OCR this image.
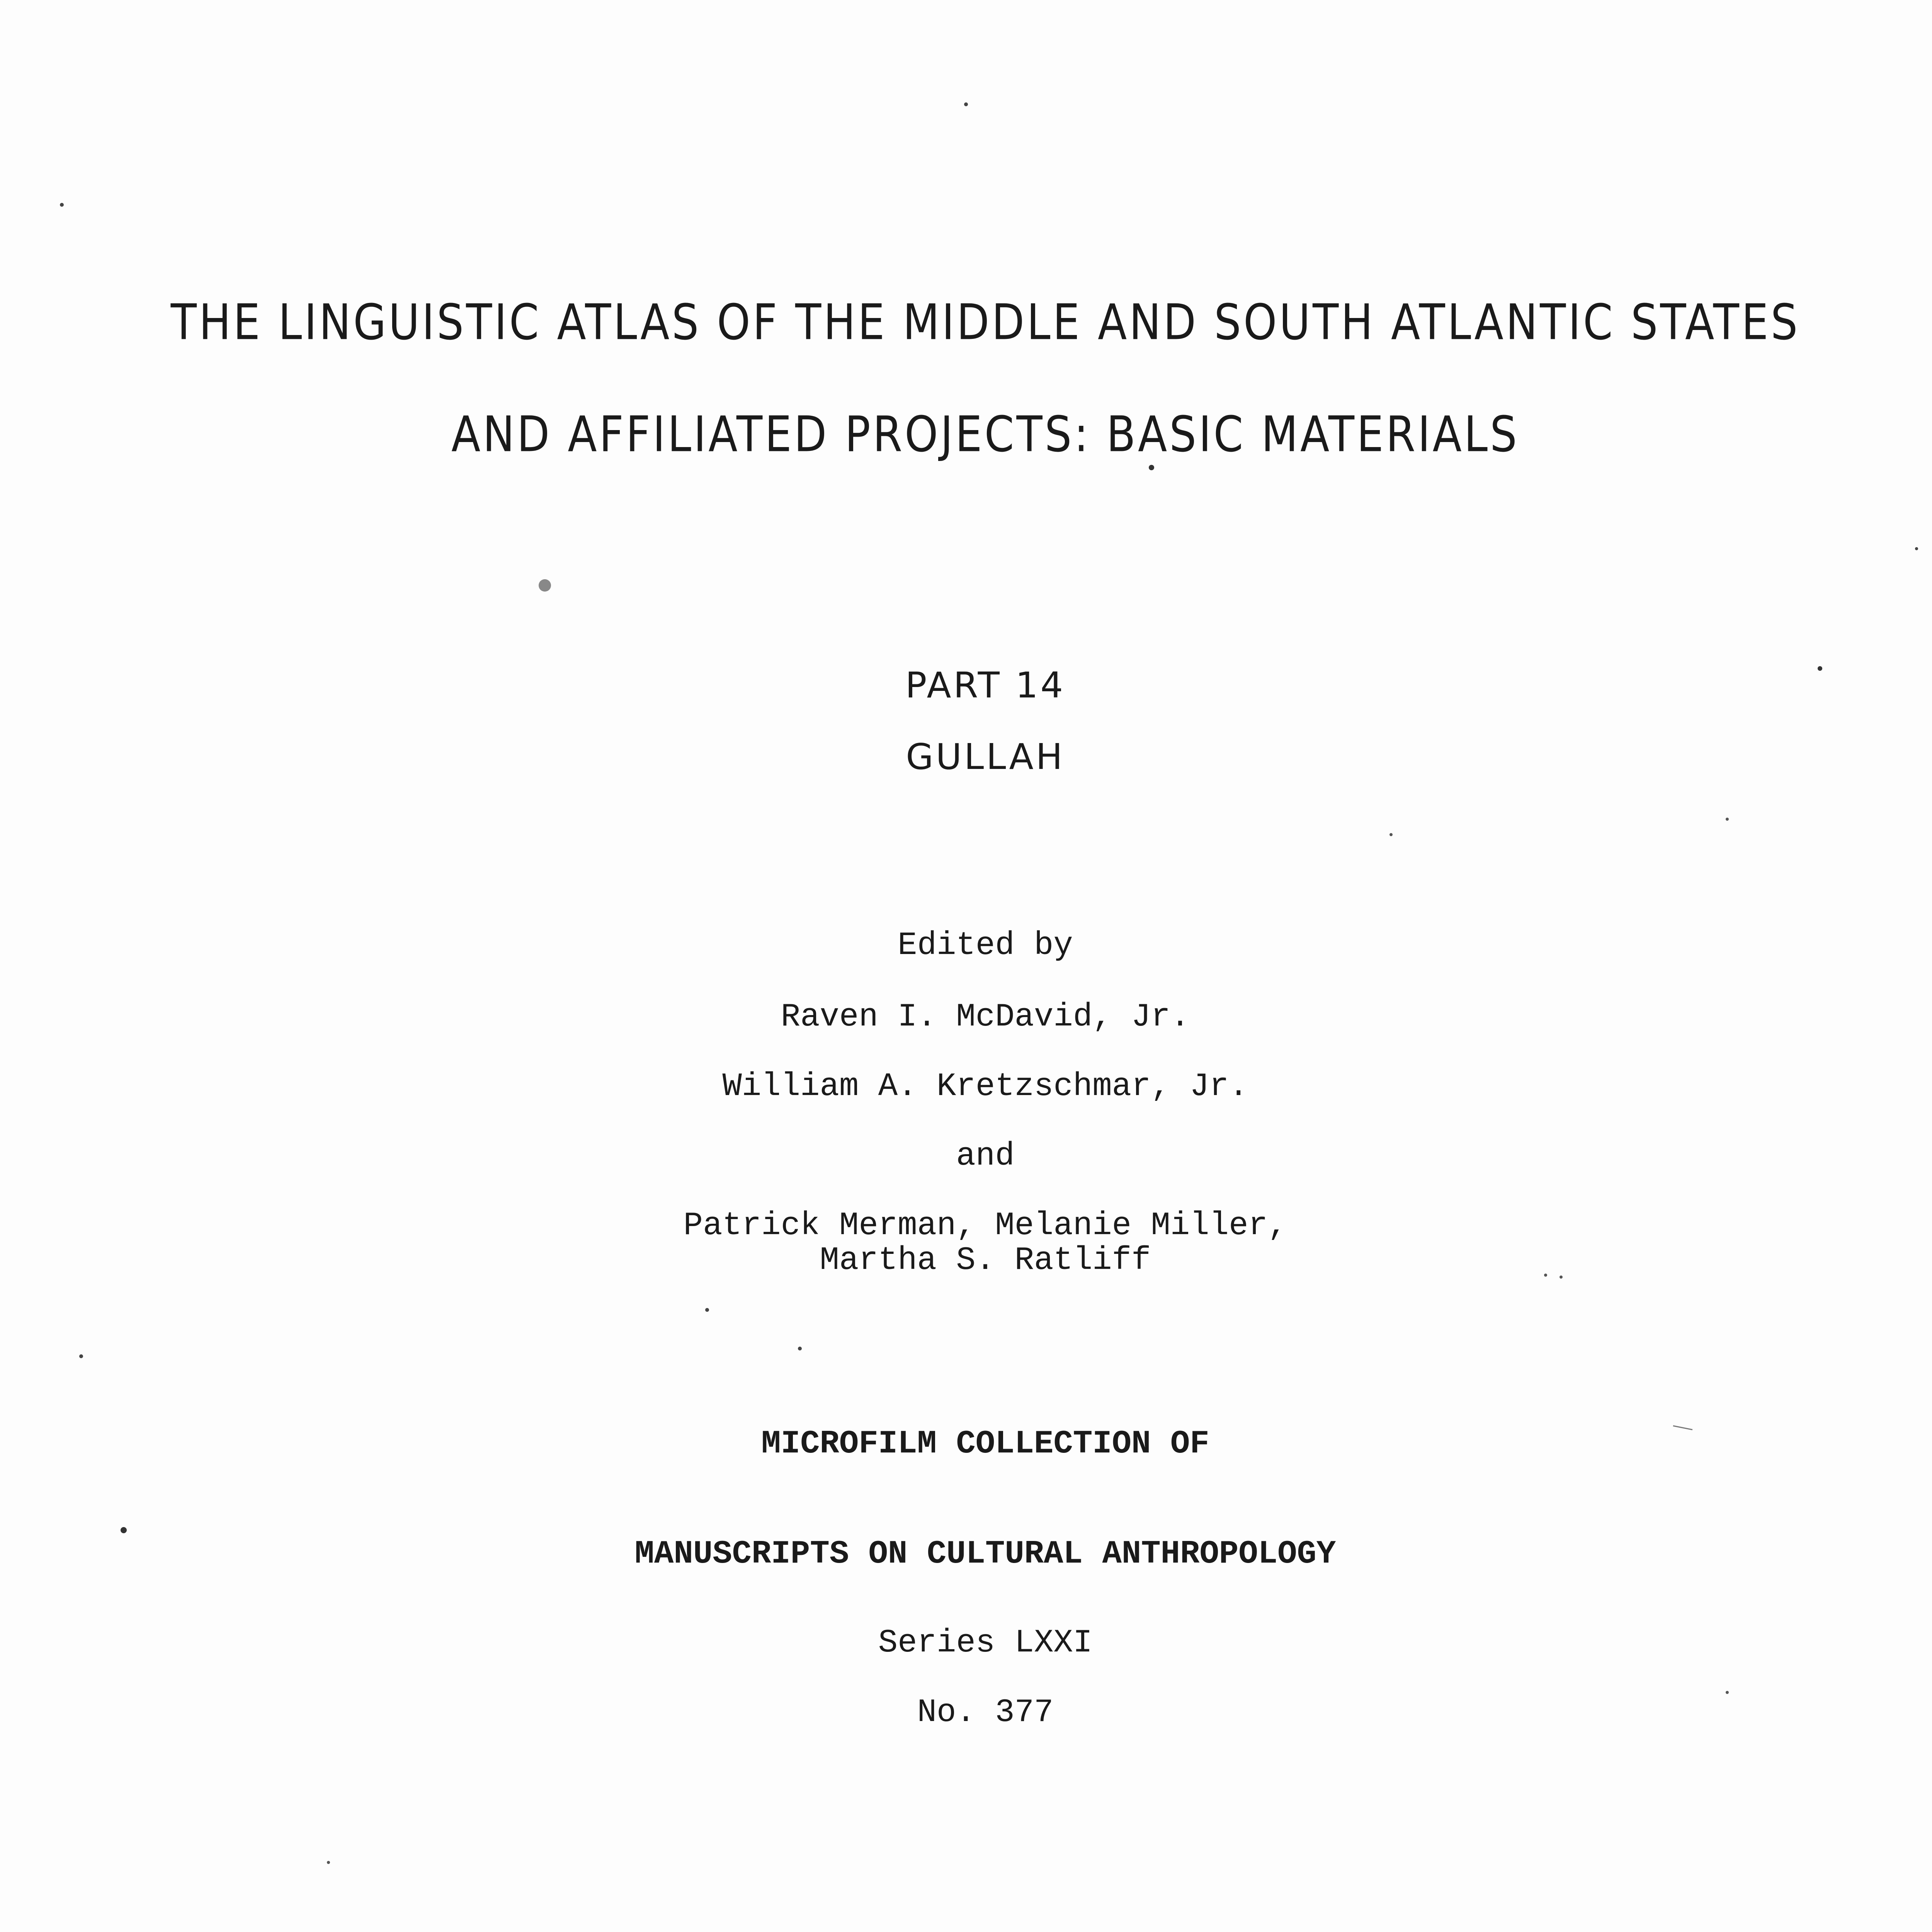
THE LINGUISTIC ATLAS OF THE MIDDLE AND SOUTH ATLANTIC STATES
AND AFFILIATED PROJECTS: BASIC MATERIALS
PART 14
GULLAH
Edited by
Raven I. McDavid, Jr.
William A. Kretzschmar, Jr.
and
Patrick Merman, Melanie Miller,
Martha S. Ratliff
MICROFILM COLLECTION OF
MANUSCRIPTS ON CULTURAL ANTHROPOLOGY
Series LXXI
No. 377
